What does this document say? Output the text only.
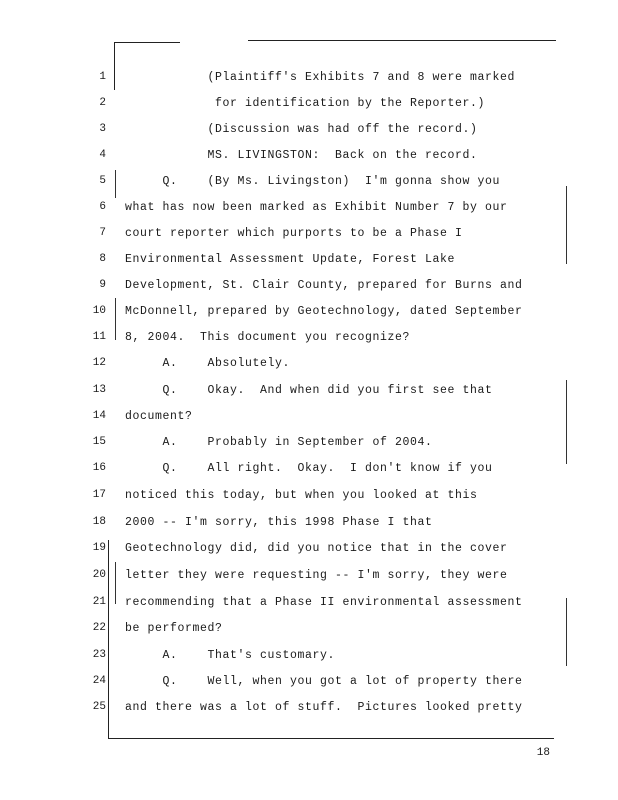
1 (Plaintiff's Exhibits 7 and 8 were marked
2 for identification by the Reporter.)
3 (Discussion was had off the record.)
4 MS. LIVINGSTON:  Back on the record.
5 Q.    (By Ms. Livingston)  I'm gonna show you
6 what has now been marked as Exhibit Number 7 by our
7 court reporter which purports to be a Phase I
8 Environmental Assessment Update, Forest Lake
9 Development, St. Clair County, prepared for Burns and
10 McDonnell, prepared by Geotechnology, dated September
11 8, 2004.  This document you recognize?
12 A.    Absolutely.
13 Q.    Okay.  And when did you first see that
14 document?
15 A.    Probably in September of 2004.
16 Q.    All right.  Okay.  I don't know if you
17 noticed this today, but when you looked at this
18 2000 -- I'm sorry, this 1998 Phase I that
19 Geotechnology did, did you notice that in the cover
20 letter they were requesting -- I'm sorry, they were
21 recommending that a Phase II environmental assessment
22 be performed?
23 A.    That's customary.
24 Q.    Well, when you got a lot of property there
25 and there was a lot of stuff.  Pictures looked pretty
18
